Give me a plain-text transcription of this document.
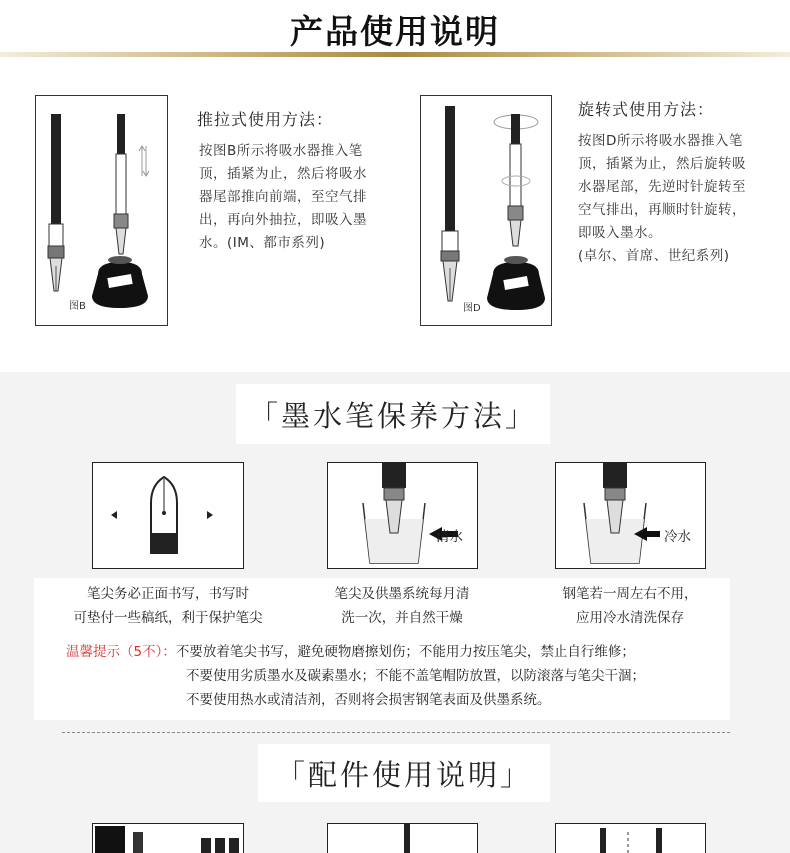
产品使用说明
图B
推拉式使用方法：
按图B所示将吸水器推入笔
顶，插紧为止，然后将吸水
器尾部推向前端，至空气排
出，再向外抽拉，即吸入墨
水。(IM、都市系列)
图D
旋转式使用方法：
按图D所示将吸水器推入笔
顶，插紧为止，然后旋转吸
水器尾部，先逆时针旋转至
空气排出，再顺时针旋转，
即吸入墨水。
(卓尔、首席、世纪系列)
「墨水笔保养方法」
清水	冷水
笔尖务必正面书写，书写时
可垫付一些稿纸，利于保护笔尖
笔尖及供墨系统每月清
洗一次，并自然干燥
钢笔若一周左右不用，
应用冷水清洗保存
温馨提示（5不）：不要放着笔尖书写，避免硬物磨擦划伤；不能用力按压笔尖，禁止自行维修；
不要使用劣质墨水及碳素墨水；不能不盖笔帽防放置，以防滚落与笔尖干涸；
不要使用热水或清洁剂，否则将会损害钢笔表面及供墨系统。
「配件使用说明」
